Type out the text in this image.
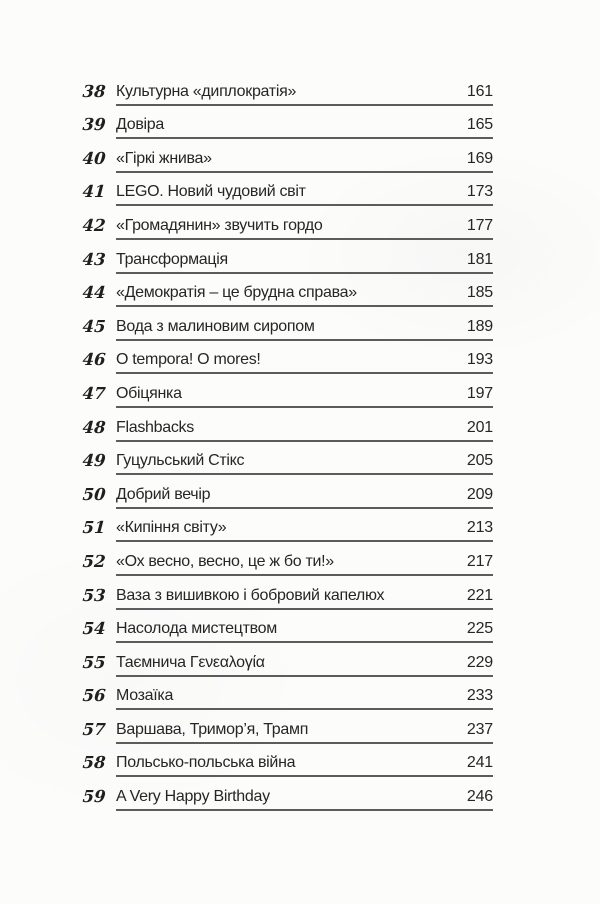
38 Культурна «диплократія»	161
39 Довіра	165
40 «Гіркі жнива»	169
41 LEGO. Новий чудовий світ	173
42 «Громадянин» звучить гордо	177
43 Трансформація	181
44 «Демократія – це брудна справа»	185
45 Вода з малиновим сиропом	189
46 O tempora! O mores!	193
47 Обіцянка	197
48 Flashbacks	201
49 Гуцульський Стікс	205
50 Добрий вечір	209
51 «Кипіння світу»	213
52 «Ох весно, весно, це ж бо ти!»	217
53 Ваза з вишивкою і бобровий капелюх	221
54 Насолода мистецтвом	225
55 Таємнича Γενεαλογία	229
56 Мозаїка	233
57 Варшава, Тримор’я, Трамп	237
58 Польсько-польська війна	241
59 A Very Happy Birthday	246
